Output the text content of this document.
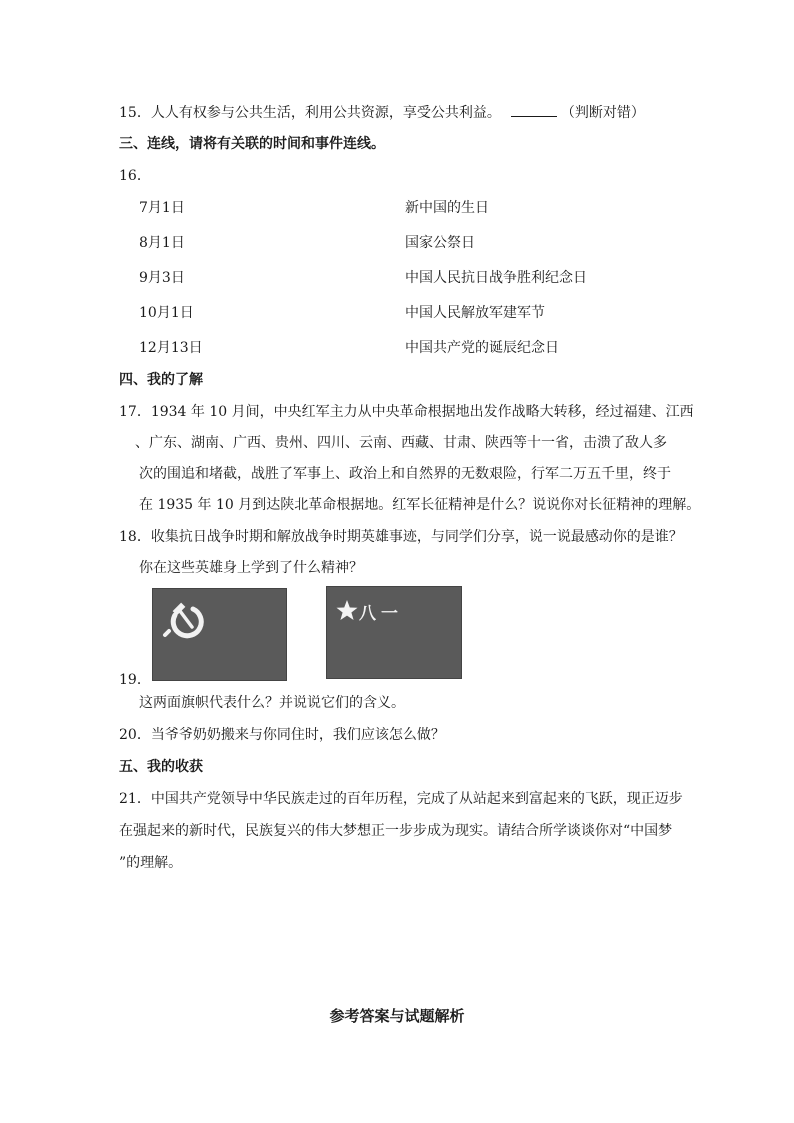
15．人人有权参与公共生活，利用公共资源，享受公共利益。	（判断对错）
三、连线，请将有关联的时间和事件连线。
16．
7月1日
8月1日
9月3日
10月1日
12月13日
新中国的生日
国家公祭日
中国人民抗日战争胜利纪念日
中国人民解放军建军节
中国共产党的诞辰纪念日
四、我的了解
17．1934 年 10 月间，中央红军主力从中央革命根据地出发作战略大转移，经过福建、江西
、广东、湖南、广西、贵州、四川、云南、西藏、甘肃、陕西等十一省，击溃了敌人多
次的围追和堵截，战胜了军事上、政治上和自然界的无数艰险，行军二万五千里，终于
在 1935 年 10 月到达陕北革命根据地。红军长征精神是什么？说说你对长征精神的理解。
18．收集抗日战争时期和解放战争时期英雄事迹，与同学们分享，说一说最感动你的是谁？
你在这些英雄身上学到了什么精神？
八一
19．
这两面旗帜代表什么？并说说它们的含义。
20．当爷爷奶奶搬来与你同住时，我们应该怎么做？
五、我的收获
21．中国共产党领导中华民族走过的百年历程，完成了从站起来到富起来的飞跃，现正迈步
在强起来的新时代，民族复兴的伟大梦想正一步步成为现实。请结合所学谈谈你对“中国梦
”的理解。
参考答案与试题解析
